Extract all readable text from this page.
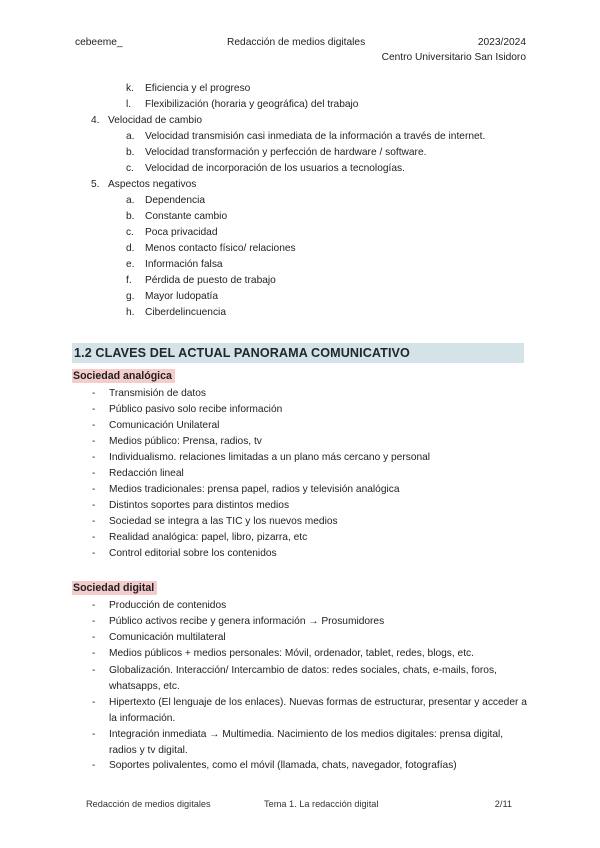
cebeeme_	Redacción de medios digitales	2023/2024
Centro Universitario San Isidoro
k. Eficiencia y el progreso
l. Flexibilización (horaria y geográfica) del trabajo
4. Velocidad de cambio
a. Velocidad transmisión casi inmediata de la información a través de internet.
b. Velocidad transformación y perfección de hardware / software.
c. Velocidad de incorporación de los usuarios a tecnologías.
5. Aspectos negativos
a. Dependencia
b. Constante cambio
c. Poca privacidad
d. Menos contacto físico/ relaciones
e. Información falsa
f. Pérdida de puesto de trabajo
g. Mayor ludopatía
h. Ciberdelincuencia
1.2 CLAVES DEL ACTUAL PANORAMA COMUNICATIVO
Sociedad analógica
- Transmisión de datos
- Público pasivo solo recibe información
- Comunicación Unilateral
- Medios público: Prensa, radios, tv
- Individualismo. relaciones limitadas a un plano más cercano y personal
- Redacción lineal
- Medios tradicionales: prensa papel, radios y televisión analógica
- Distintos soportes para distintos medios
- Sociedad se integra a las TIC y los nuevos medios
- Realidad analógica: papel, libro, pizarra, etc
- Control editorial sobre los contenidos
Sociedad digital
- Producción de contenidos
- Público activos recibe y genera información → Prosumidores
- Comunicación multilateral
- Medios públicos + medios personales: Móvil, ordenador, tablet, redes, blogs, etc.
- Globalización. Interacción/ Intercambio de datos: redes sociales, chats, e-mails, foros, whatsapps, etc.
- Hipertexto (El lenguaje de los enlaces). Nuevas formas de estructurar, presentar y acceder a la información.
- Integración inmediata → Multimedia. Nacimiento de los medios digitales: prensa digital, radios y tv digital.
- Soportes polivalentes, como el móvil (llamada, chats, navegador, fotografías)
Redacción de medios digitales	Tema 1. La redacción digital	2/11
